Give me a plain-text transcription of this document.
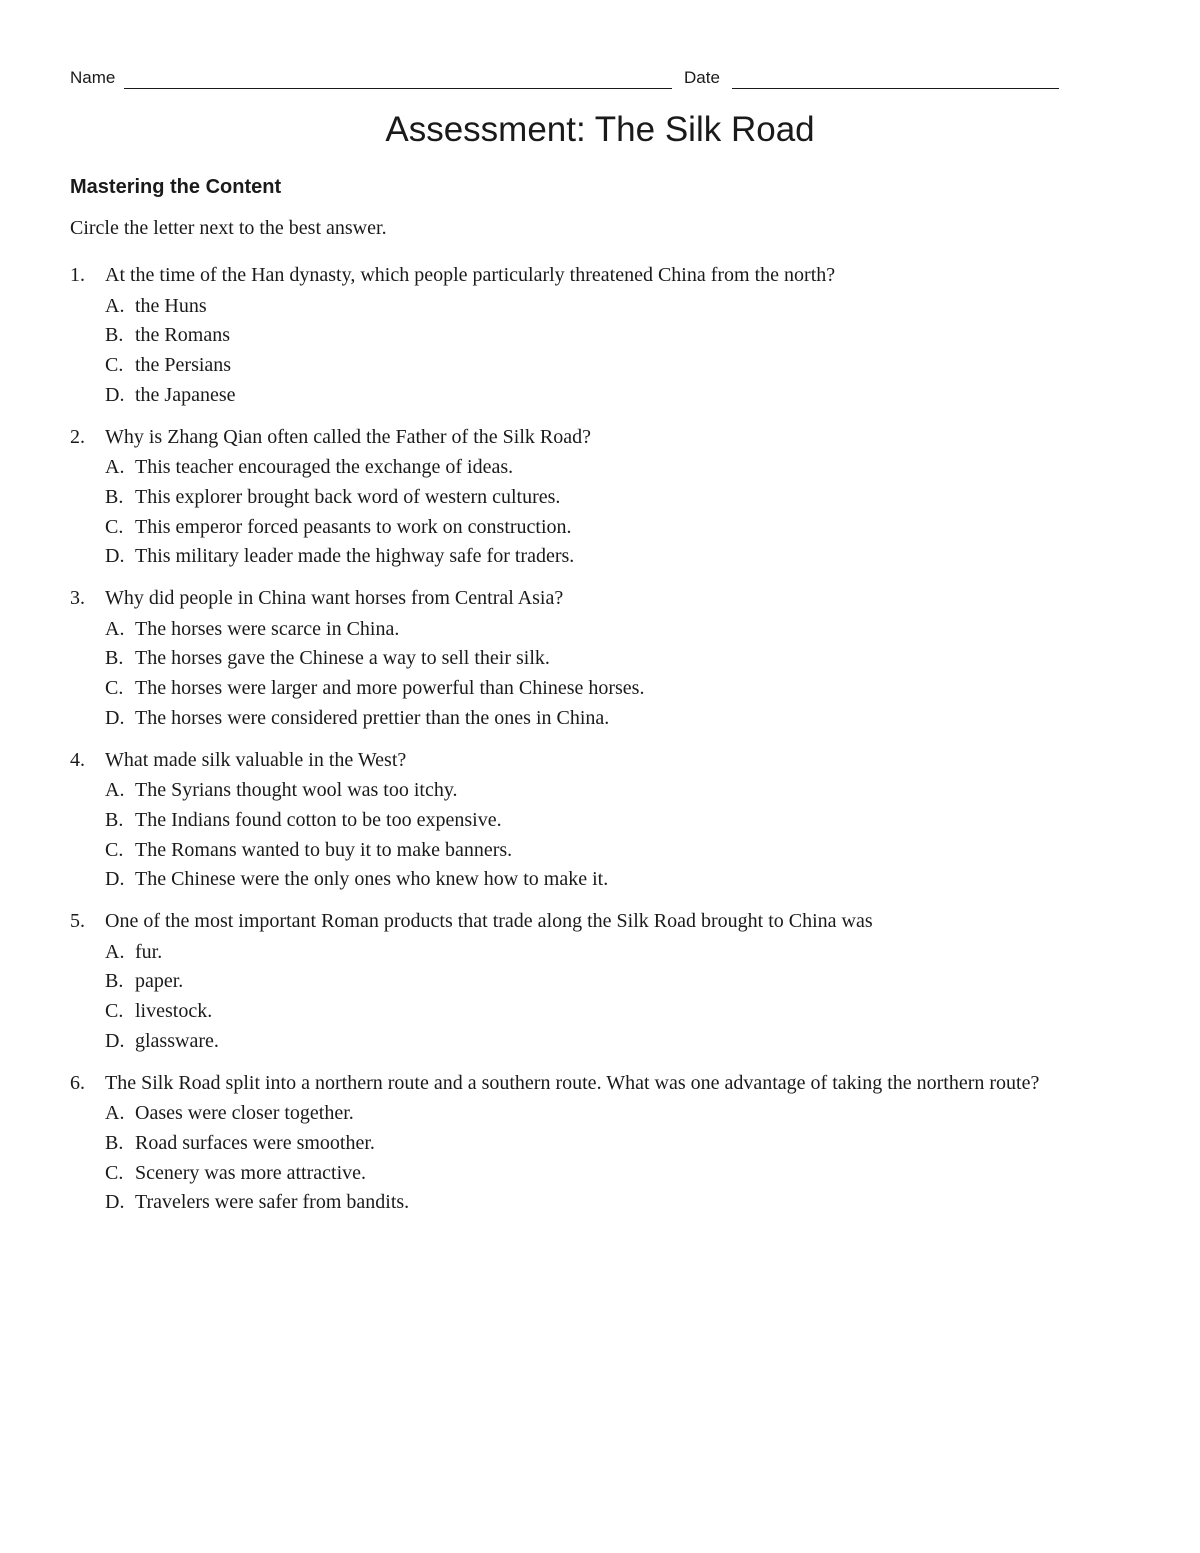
Name	Date
Assessment: The Silk Road
Mastering the Content

Circle the letter next to the best answer.

1. At the time of the Han dynasty, which people particularly threatened China from the north?
A. the Huns
B. the Romans
C. the Persians
D. the Japanese
2. Why is Zhang Qian often called the Father of the Silk Road?
A. This teacher encouraged the exchange of ideas.
B. This explorer brought back word of western cultures.
C. This emperor forced peasants to work on construction.
D. This military leader made the highway safe for traders.
3. Why did people in China want horses from Central Asia?
A. The horses were scarce in China.
B. The horses gave the Chinese a way to sell their silk.
C. The horses were larger and more powerful than Chinese horses.
D. The horses were considered prettier than the ones in China.
4. What made silk valuable in the West?
A. The Syrians thought wool was too itchy.
B. The Indians found cotton to be too expensive.
C. The Romans wanted to buy it to make banners.
D. The Chinese were the only ones who knew how to make it.
5. One of the most important Roman products that trade along the Silk Road brought to China was
A. fur.
B. paper.
C. livestock.
D. glassware.
6. The Silk Road split into a northern route and a southern route. What was one advantage of taking the northern route?
A. Oases were closer together.
B. Road surfaces were smoother.
C. Scenery was more attractive.
D. Travelers were safer from bandits.
